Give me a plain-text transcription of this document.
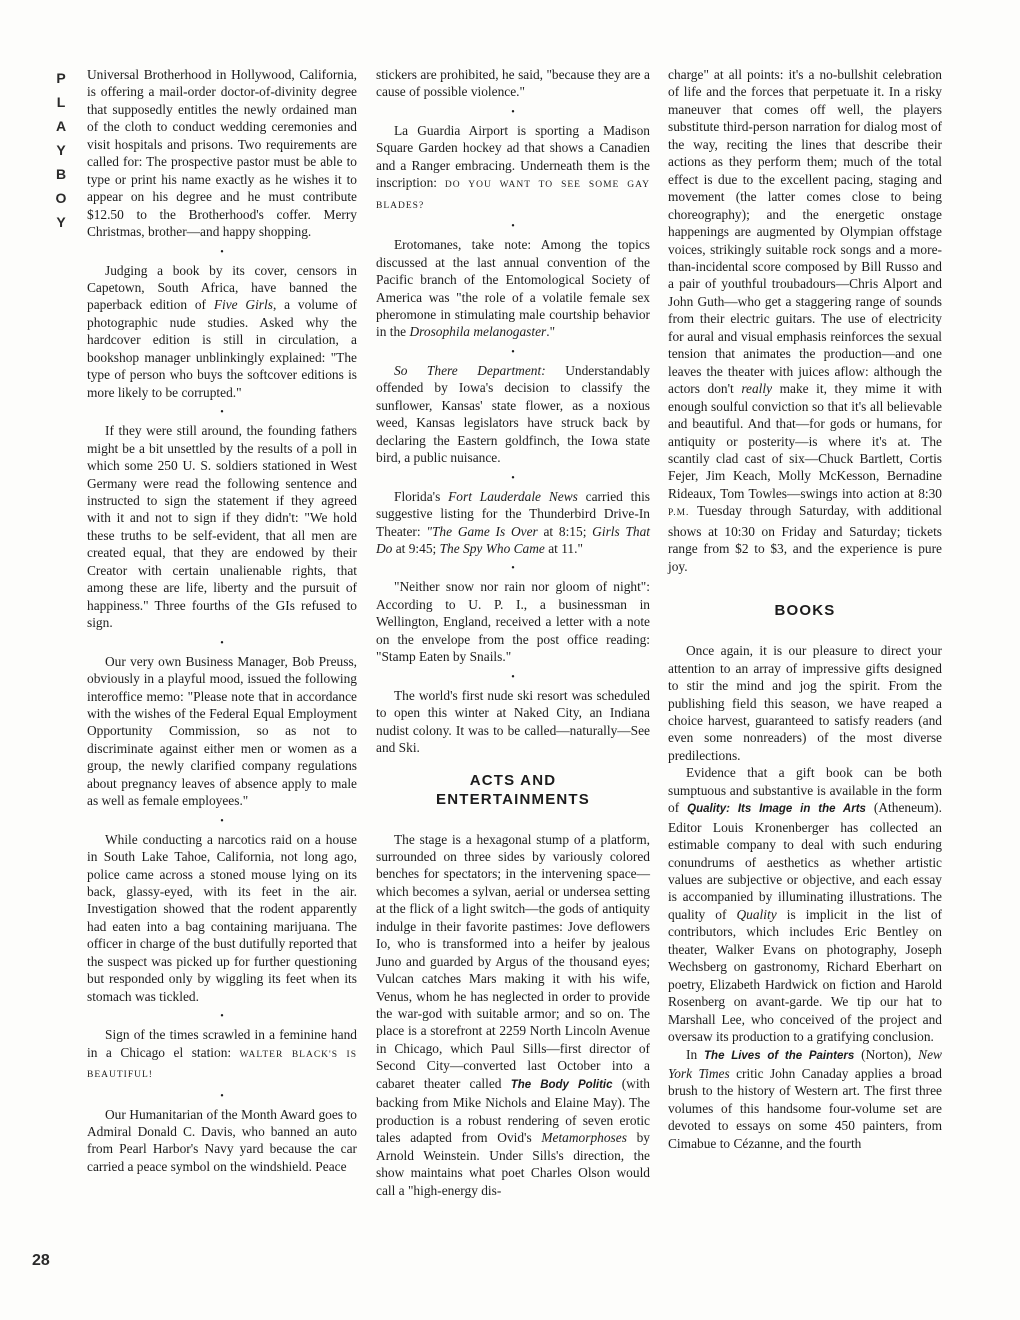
P
L
A
Y
B
O
Y
28

Universal Brotherhood in Hollywood, California, is offering a mail-order doctor-of-divinity degree that supposedly entitles the newly ordained man of the cloth to conduct wedding ceremonies and visit hospitals and prisons. Two requirements are called for: The prospective pastor must be able to type or print his name exactly as he wishes it to appear on his degree and he must contribute $12.50 to the Brotherhood's coffer. Merry Christmas, brother—and happy shopping.

•

Judging a book by its cover, censors in Capetown, South Africa, have banned the paperback edition of Five Girls, a volume of photographic nude studies. Asked why the hardcover edition is still in circulation, a bookshop manager unblinkingly explained: "The type of person who buys the softcover editions is more likely to be corrupted."

•

If they were still around, the founding fathers might be a bit unsettled by the results of a poll in which some 250 U. S. soldiers stationed in West Germany were read the following sentence and instructed to sign the statement if they agreed with it and not to sign if they didn't: "We hold these truths to be self-evident, that all men are created equal, that they are endowed by their Creator with certain unalienable rights, that among these are life, liberty and the pursuit of happiness." Three fourths of the GIs refused to sign.

•

Our very own Business Manager, Bob Preuss, obviously in a playful mood, issued the following interoffice memo: "Please note that in accordance with the wishes of the Federal Equal Employment Opportunity Commission, so as not to discriminate against either men or women as a group, the newly clarified company regulations about pregnancy leaves of absence apply to male as well as female employees."

•

While conducting a narcotics raid on a house in South Lake Tahoe, California, not long ago, police came across a stoned mouse lying on its back, glassy-eyed, with its feet in the air. Investigation showed that the rodent apparently had eaten into a bag containing marijuana. The officer in charge of the bust dutifully reported that the suspect was picked up for further questioning but responded only by wiggling its feet when its stomach was tickled.

•

Sign of the times scrawled in a feminine hand in a Chicago el station: WALTER BLACK'S IS BEAUTIFUL!

•

Our Humanitarian of the Month Award goes to Admiral Donald C. Davis, who banned an auto from Pearl Harbor's Navy yard because the car carried a peace symbol on the windshield. Peace

stickers are prohibited, he said, "because they are a cause of possible violence."

•

La Guardia Airport is sporting a Madison Square Garden hockey ad that shows a Canadien and a Ranger embracing. Underneath them is the inscription: DO YOU WANT TO SEE SOME GAY BLADES?

•

Erotomanes, take note: Among the topics discussed at the last annual convention of the Pacific branch of the Entomological Society of America was "the role of a volatile female sex pheromone in stimulating male courtship behavior in the Drosophila melanogaster."

•

So There Department: Understandably offended by Iowa's decision to classify the sunflower, Kansas' state flower, as a noxious weed, Kansas legislators have struck back by declaring the Eastern goldfinch, the Iowa state bird, a public nuisance.

•

Florida's Fort Lauderdale News carried this suggestive listing for the Thunderbird Drive-In Theater: "The Game Is Over at 8:15; Girls That Do at 9:45; The Spy Who Came at 11."

•

"Neither snow nor rain nor gloom of night": According to U. P. I., a businessman in Wellington, England, received a letter with a note on the envelope from the post office reading: "Stamp Eaten by Snails."

•

The world's first nude ski resort was scheduled to open this winter at Naked City, an Indiana nudist colony. It was to be called—naturally—See and Ski.

ACTS AND
ENTERTAINMENTS

The stage is a hexagonal stump of a platform, surrounded on three sides by variously colored benches for spectators; in the intervening space—which becomes a sylvan, aerial or undersea setting at the flick of a light switch—the gods of antiquity indulge in their favorite pastimes: Jove deflowers Io, who is transformed into a heifer by jealous Juno and guarded by Argus of the thousand eyes; Vulcan catches Mars making it with his wife, Venus, whom he has neglected in order to provide the war-god with suitable armor; and so on. The place is a storefront at 2259 North Lincoln Avenue in Chicago, which Paul Sills—first director of Second City—converted last October into a cabaret theater called The Body Politic (with backing from Mike Nichols and Elaine May). The production is a robust rendering of seven erotic tales adapted from Ovid's Metamorphoses by Arnold Weinstein. Under Sills's direction, the show maintains what poet Charles Olson would call a "high-energy dis-

charge" at all points: it's a no-bullshit celebration of life and the forces that perpetuate it. In a risky maneuver that comes off well, the players substitute third-person narration for dialog most of the way, reciting the lines that describe their actions as they perform them; much of the total effect is due to the excellent pacing, staging and movement (the latter comes close to being choreography); and the energetic onstage happenings are augmented by Olympian offstage voices, strikingly suitable rock songs and a more-than-incidental score composed by Bill Russo and a pair of youthful troubadours—Chris Alport and John Guth—who get a staggering range of sounds from their electric guitars. The use of electricity for aural and visual emphasis reinforces the sexual tension that animates the production—and one leaves the theater with juices aflow: although the actors don't really make it, they mime it with enough soulful conviction so that it's all believable and beautiful. And that—for gods or humans, for antiquity or posterity—is where it's at. The scantily clad cast of six—Chuck Bartlett, Cortis Fejer, Jim Keach, Molly McKesson, Bernadine Rideaux, Tom Towles—swings into action at 8:30 P.M. Tuesday through Saturday, with additional shows at 10:30 on Friday and Saturday; tickets range from $2 to $3, and the experience is pure joy.

BOOKS

Once again, it is our pleasure to direct your attention to an array of impressive gifts designed to stir the mind and jog the spirit. From the publishing field this season, we have reaped a choice harvest, guaranteed to satisfy readers (and even some nonreaders) of the most diverse predilections.

Evidence that a gift book can be both sumptuous and substantive is available in the form of Quality: Its Image in the Arts (Atheneum). Editor Louis Kronenberger has collected an estimable company to deal with such enduring conundrums of aesthetics as whether artistic values are subjective or objective, and each essay is accompanied by illuminating illustrations. The quality of Quality is implicit in the list of contributors, which includes Eric Bentley on theater, Walker Evans on photography, Joseph Wechsberg on gastronomy, Richard Eberhart on poetry, Elizabeth Hardwick on fiction and Harold Rosenberg on avant-garde. We tip our hat to Marshall Lee, who conceived of the project and oversaw its production to a gratifying conclusion.

In The Lives of the Painters (Norton), New York Times critic John Canaday applies a broad brush to the history of Western art. The first three volumes of this handsome four-volume set are devoted to essays on some 450 painters, from Cimabue to Cézanne, and the fourth
